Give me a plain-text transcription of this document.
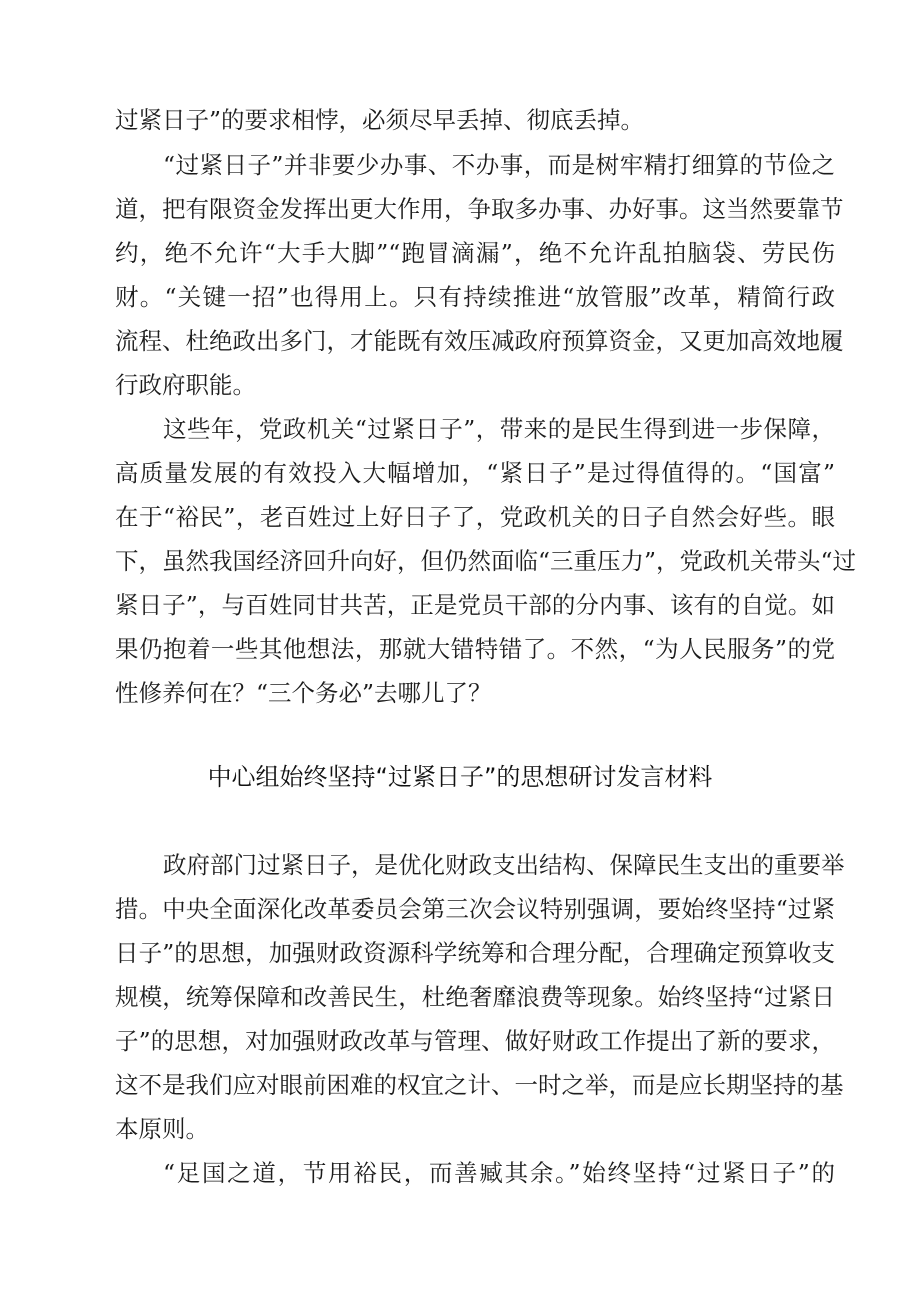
过紧日子”的要求相悖，必须尽早丢掉、彻底丢掉。
“过紧日子”并非要少办事、不办事，而是树牢精打细算的节俭之
道，把有限资金发挥出更大作用，争取多办事、办好事。这当然要靠节
约，绝不允许“大手大脚”“跑冒滴漏”，绝不允许乱拍脑袋、劳民伤
财。“关键一招”也得用上。只有持续推进“放管服”改革，精简行政
流程、杜绝政出多门，才能既有效压减政府预算资金，又更加高效地履
行政府职能。
这些年，党政机关“过紧日子”，带来的是民生得到进一步保障，
高质量发展的有效投入大幅增加，“紧日子”是过得值得的。“国富”
在于“裕民”，老百姓过上好日子了，党政机关的日子自然会好些。眼
下，虽然我国经济回升向好，但仍然面临“三重压力”，党政机关带头“过
紧日子”，与百姓同甘共苦，正是党员干部的分内事、该有的自觉。如
果仍抱着一些其他想法，那就大错特错了。不然，“为人民服务”的党
性修养何在？“三个务必”去哪儿了？
中心组始终坚持“过紧日子”的思想研讨发言材料
政府部门过紧日子，是优化财政支出结构、保障民生支出的重要举
措。中央全面深化改革委员会第三次会议特别强调，要始终坚持“过紧
日子”的思想，加强财政资源科学统筹和合理分配，合理确定预算收支
规模，统筹保障和改善民生，杜绝奢靡浪费等现象。始终坚持“过紧日
子”的思想，对加强财政改革与管理、做好财政工作提出了新的要求，
这不是我们应对眼前困难的权宜之计、一时之举，而是应长期坚持的基
本原则。
“足国之道，节用裕民，而善臧其余。”始终坚持“过紧日子”的
